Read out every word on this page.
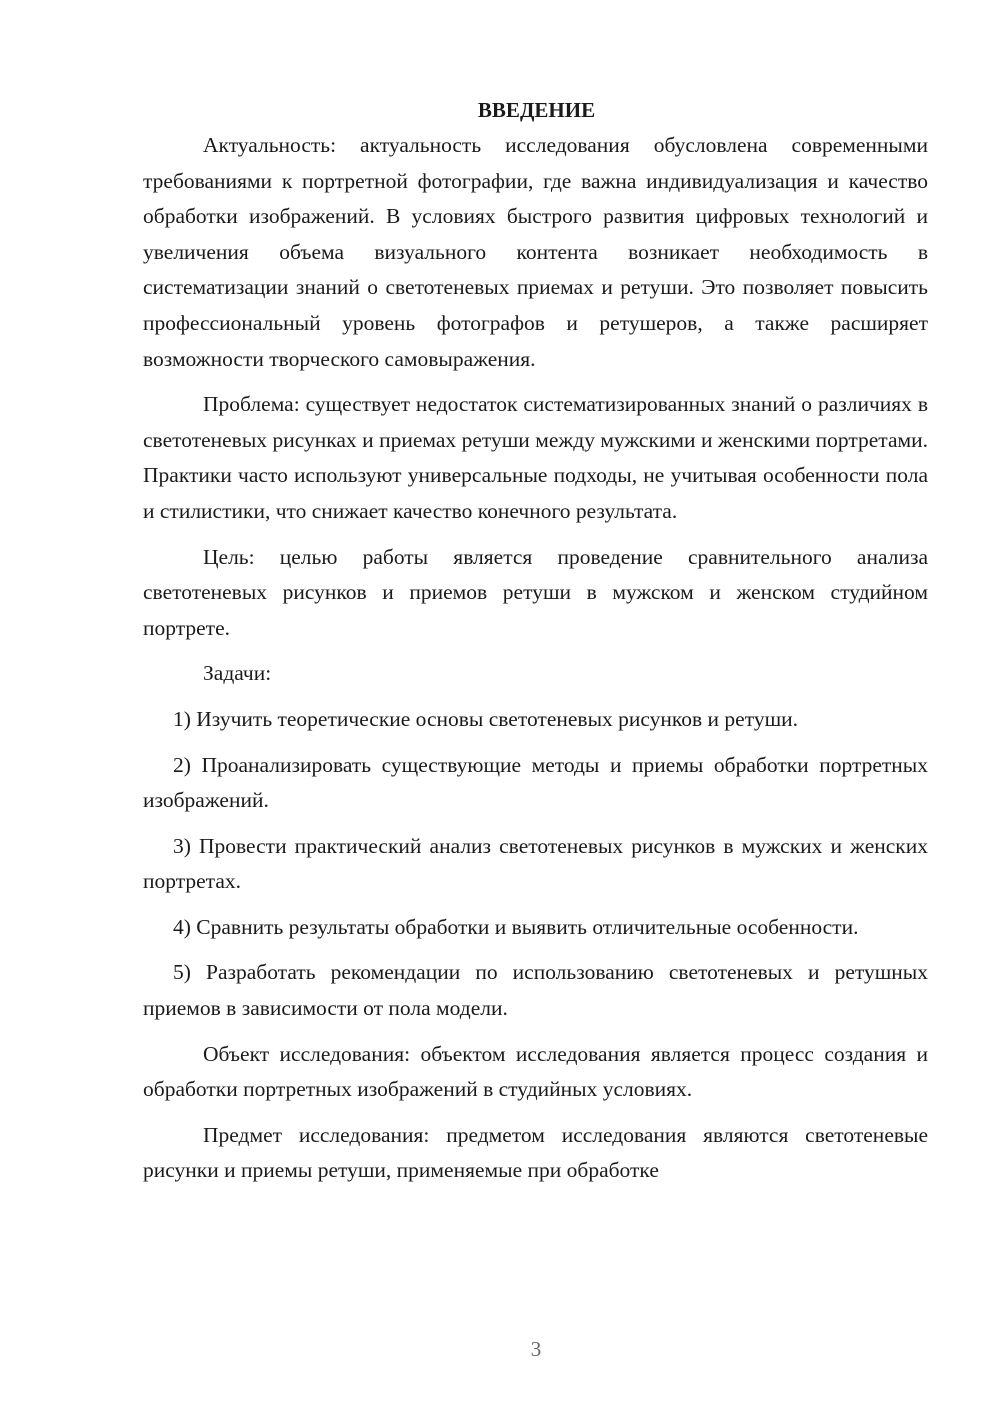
ВВЕДЕНИЕ

Актуальность: актуальность исследования обусловлена современными требованиями к портретной фотографии, где важна индивидуализация и качество обработки изображений. В условиях быстрого развития цифровых технологий и увеличения объема визуального контента возникает необходимость в систематизации знаний о светотеневых приемах и ретуши. Это позволяет повысить профессиональный уровень фотографов и ретушеров, а также расширяет возможности творческого самовыражения.

Проблема: существует недостаток систематизированных знаний о различиях в светотеневых рисунках и приемах ретуши между мужскими и женскими портретами. Практики часто используют универсальные подходы, не учитывая особенности пола и стилистики, что снижает качество конечного результата.

Цель: целью работы является проведение сравнительного анализа светотеневых рисунков и приемов ретуши в мужском и женском студийном портрете.

Задачи:

1) Изучить теоретические основы светотеневых рисунков и ретуши.

2) Проанализировать существующие методы и приемы обработки портретных изображений.

3) Провести практический анализ светотеневых рисунков в мужских и женских портретах.

4) Сравнить результаты обработки и выявить отличительные особенности.

5) Разработать рекомендации по использованию светотеневых и ретушных приемов в зависимости от пола модели.

Объект исследования: объектом исследования является процесс создания и обработки портретных изображений в студийных условиях.

Предмет исследования: предметом исследования являются светотеневые рисунки и приемы ретуши, применяемые при обработке

3
